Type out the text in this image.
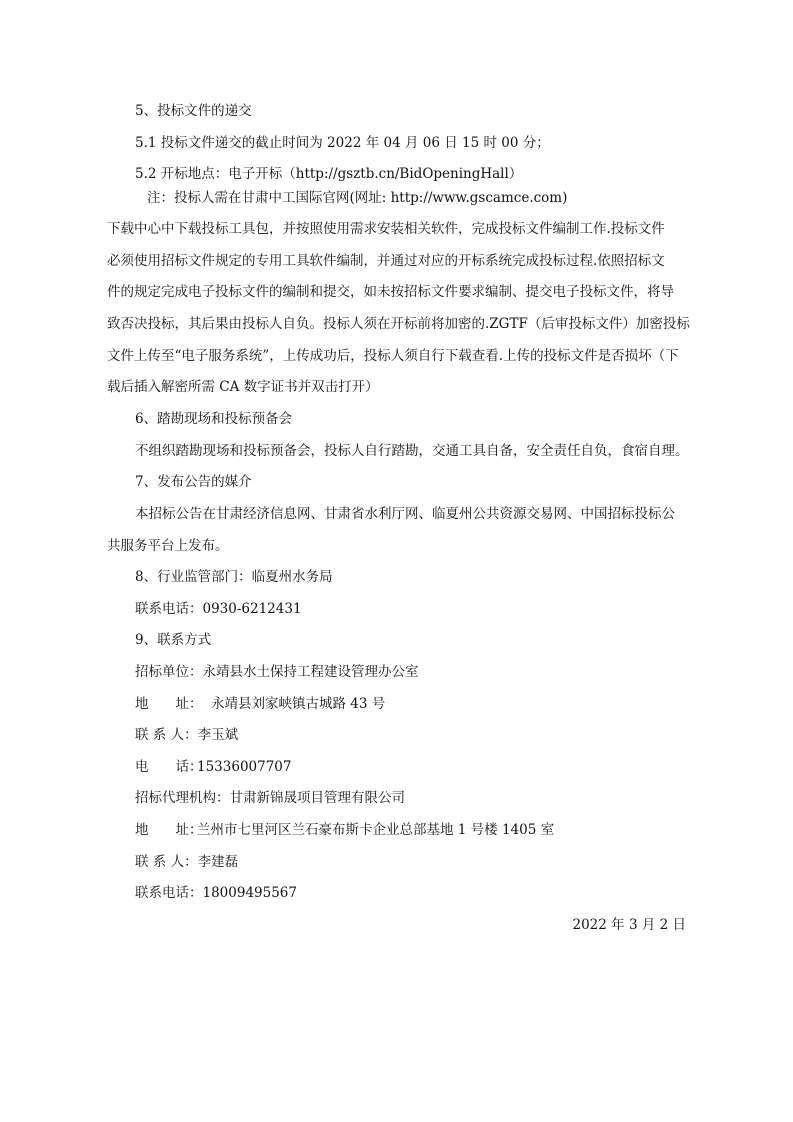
5、投标文件的递交
5.1 投标文件递交的截止时间为 2022 年 04 月 06 日 15 时 00 分；
5.2 开标地点：电子开标（http://gsztb.cn/BidOpeningHall）
注：投标人需在甘肃中工国际官网(网址: http://www.gscamce.com)
下载中心中下载投标工具包，并按照使用需求安装相关软件，完成投标文件编制工作.投标文件
必须使用招标文件规定的专用工具软件编制，并通过对应的开标系统完成投标过程.依照招标文
件的规定完成电子投标文件的编制和提交，如未按招标文件要求编制、提交电子投标文件，将导
致否决投标，其后果由投标人自负。投标人须在开标前将加密的.ZGTF（后审投标文件）加密投标
文件上传至“电子服务系统”，上传成功后，投标人须自行下载查看.上传的投标文件是否损坏（下
载后插入解密所需 CA 数字证书并双击打开）
6、踏勘现场和投标预备会
不组织踏勘现场和投标预备会，投标人自行踏勘，交通工具自备，安全责任自负，食宿自理。
7、发布公告的媒介
本招标公告在甘肃经济信息网、甘肃省水利厅网、临夏州公共资源交易网、中国招标投标公
共服务平台上发布。
8、行业监管部门：临夏州水务局
联系电话：0930-6212431
9、联系方式
招标单位：永靖县水土保持工程建设管理办公室
地　　址： 永靖县刘家峡镇古城路 43 号
联 系 人：李玉斌
电　　话：15336007707
招标代理机构：甘肃新锦晟项目管理有限公司
地　　址：兰州市七里河区兰石豪布斯卡企业总部基地 1 号楼 1405 室
联 系 人：李建磊
联系电话：18009495567
2022 年 3 月 2 日
